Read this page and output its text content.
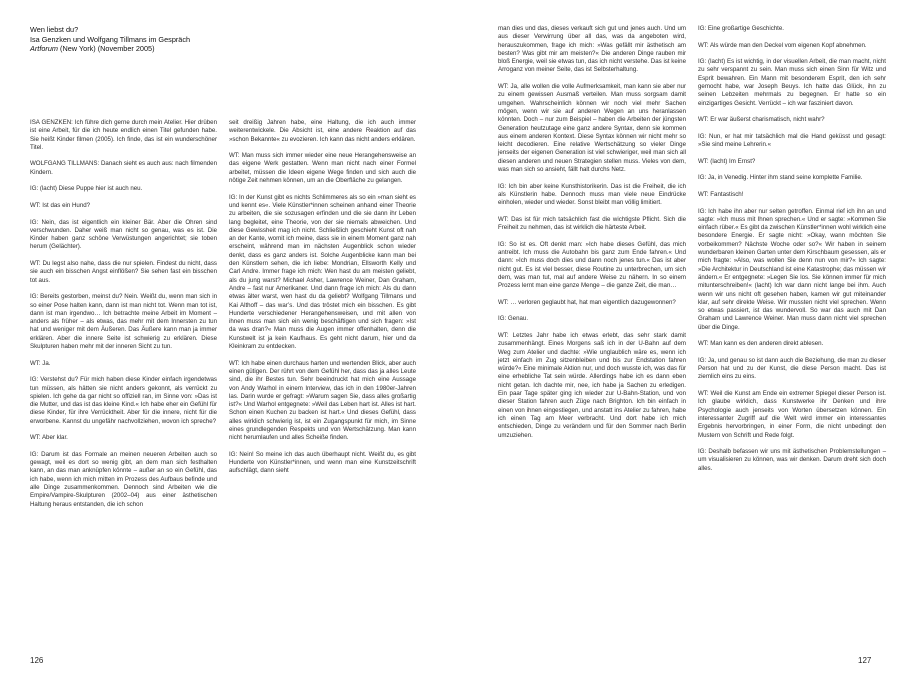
Wen liebst du?
Isa Genzken und Wolfgang Tillmans im Gespräch
Artforum (New York) (November 2005)

ISA GENZKEN: Ich führe dich gerne durch mein Atelier. Hier drüben ist eine Arbeit, für die ich heute endlich einen Titel gefunden habe. Sie heißt Kinder filmen (2005). Ich finde, das ist ein wunderschöner Titel.

WOLFGANG TILLMANS: Danach sieht es auch aus: nach filmenden Kindern.

IG: (lacht) Diese Puppe hier ist auch neu.

WT: Ist das ein Hund?

IG: Nein, das ist eigentlich ein kleiner Bär. Aber die Ohren sind verschwunden. Daher weiß man nicht so genau, was es ist. Die Kinder haben ganz schöne Verwüstungen angerichtet; sie toben herum (Gelächter).

WT: Du legst also nahe, dass die nur spielen. Findest du nicht, dass sie auch ein bisschen Angst einflößen? Sie sehen fast ein bisschen tot aus.

IG: Bereits gestorben, meinst du? Nein. Weißt du, wenn man sich in so einer Pose halten kann, dann ist man nicht tot. Wenn man tot ist, dann ist man irgendwo… Ich betrachte meine Arbeit im Moment – anders als früher – als etwas, das mehr mit dem Innersten zu tun hat und weniger mit dem Äußeren. Das Äußere kann man ja immer erklären. Aber die innere Seite ist schwierig zu erklären. Diese Skulpturen haben mehr mit der inneren Sicht zu tun.

WT: Ja.

IG: Verstehst du? Für mich haben diese Kinder einfach irgendetwas tun müssen, als hätten sie nicht anders gekonnt, als verrückt zu spielen. Ich gehe da gar nicht so offiziell ran, im Sinne von: »Das ist die Mutter, und das ist das kleine Kind.« Ich habe eher ein Gefühl für diese Kinder, für ihre Verrücktheit. Aber für die innere, nicht für die erworbene. Kannst du ungefähr nachvollziehen, wovon ich spreche?

WT: Aber klar.

IG: Darum ist das Formale an meinen neueren Arbeiten auch so gewagt, weil es dort so wenig gibt, an dem man sich festhalten kann, an das man anknüpfen könnte – außer an so ein Gefühl, das ich habe, wenn ich mich mitten im Prozess des Aufbaus befinde und alle Dinge zusammenkommen. Dennoch sind Arbeiten wie die Empire/Vampire-Skulpturen (2002–04) aus einer ästhetischen Haltung heraus entstanden, die ich schon

seit dreißig Jahren habe, eine Haltung, die ich auch immer weiterentwickele. Die Absicht ist, eine andere Reaktion auf das »schon Bekannte« zu evozieren. Ich kann das nicht anders erklären.

WT: Man muss sich immer wieder eine neue Herangehensweise an das eigene Werk gestatten. Wenn man nicht nach einer Formel arbeitet, müssen die Ideen eigene Wege finden und sich auch die nötige Zeit nehmen können, um an die Oberfläche zu gelangen.

IG: In der Kunst gibt es nichts Schlimmeres als so ein »man sieht es und kennt es«. Viele Künstler*innen scheinen anhand einer Theorie zu arbeiten, die sie sozusagen erfinden und die sie dann ihr Leben lang begleitet, eine Theorie, von der sie niemals abweichen. Und diese Gewissheit mag ich nicht. Schließlich geschieht Kunst oft nah an der Kante, womit ich meine, dass sie in einem Moment ganz nah erscheint, während man im nächsten Augenblick schon wieder denkt, dass es ganz anders ist. Solche Augenblicke kann man bei den Künstlern sehen, die ich liebe: Mondrian, Ellsworth Kelly und Carl Andre. Immer frage ich mich: Wen hast du am meisten geliebt, als du jung warst? Michael Asher, Lawrence Weiner, Dan Graham, Andre – fast nur Amerikaner. Und dann frage ich mich: Als du dann etwas älter warst, wen hast du da geliebt? Wolfgang Tillmans und Kai Althoff – das war’s. Und das tröstet mich ein bisschen. Es gibt Hunderte verschiedener Herangehensweisen, und mit allen von ihnen muss man sich ein wenig beschäftigen und sich fragen: »Ist da was dran?« Man muss die Augen immer offenhalten, denn die Kunstwelt ist ja kein Kaufhaus. Es geht nicht darum, hier und da Kleinkram zu entdecken.

WT: Ich habe einen durchaus harten und wertenden Blick, aber auch einen gütigen. Der rührt von dem Gefühl her, dass das ja alles Leute sind, die ihr Bestes tun. Sehr beeindruckt hat mich eine Aussage von Andy Warhol in einem Interview, das ich in den 1980er-Jahren las. Darin wurde er gefragt: »Warum sagen Sie, dass alles großartig ist?« Und Warhol entgegnete: »Weil das Leben hart ist. Alles ist hart. Schon einen Kuchen zu backen ist hart.« Und dieses Gefühl, dass alles wirklich schwierig ist, ist ein Zugangspunkt für mich, im Sinne eines grundlegenden Respekts und von Wertschätzung. Man kann nicht herumlaufen und alles Scheiße finden.

IG: Nein! So meine ich das auch überhaupt nicht. Weißt du, es gibt Hunderte von Künstler*innen, und wenn man eine Kunstzeitschrift aufschlägt, dann sieht

126

man dies und das, dieses verkauft sich gut und jenes auch. Und um aus dieser Verwirrung über all das, was da angeboten wird, herauszukommen, frage ich mich: »Was gefällt mir ästhetisch am besten? Was gibt mir am meisten?« Die anderen Dinge rauben mir bloß Energie, weil sie etwas tun, das ich nicht verstehe. Das ist keine Arroganz von meiner Seite, das ist Selbsterhaltung.

WT: Ja, alle wollen die volle Aufmerksamkeit, man kann sie aber nur zu einem gewissen Ausmaß verteilen. Man muss sorgsam damit umgehen. Wahrscheinlich können wir noch viel mehr Sachen mögen, wenn wir sie auf anderen Wegen an uns heranlassen könnten. Doch – nur zum Beispiel – haben die Arbeiten der jüngsten Generation heutzutage eine ganz andere Syntax, denn sie kommen aus einem anderen Kontext. Diese Syntax können wir nicht mehr so leicht decodieren. Eine relative Wertschätzung so vieler Dinge jenseits der eigenen Generation ist viel schwieriger, weil man sich all diesen anderen und neuen Strategien stellen muss. Vieles von dem, was man sich so ansieht, fällt halt durchs Netz.

IG: Ich bin aber keine Kunsthistorikerin. Das ist die Freiheit, die ich als Künstlerin habe. Dennoch muss man viele neue Eindrücke einholen, wieder und wieder. Sonst bleibt man völlig limitiert.

WT: Das ist für mich tatsächlich fast die wichtigste Pflicht. Sich die Freiheit zu nehmen, das ist wirklich die härteste Arbeit.

IG: So ist es. Oft denkt man: »Ich habe dieses Gefühl, das mich antreibt. Ich muss die Autobahn bis ganz zum Ende fahren.« Und dann: »Ich muss doch dies und dann noch jenes tun.« Das ist aber nicht gut. Es ist viel besser, diese Routine zu unterbrechen, um sich dem, was man tut, mal auf andere Weise zu nähern. In so einem Prozess lernt man eine ganze Menge – die ganze Zeit, die man…

WT: … verloren geglaubt hat, hat man eigentlich dazugewonnen?

IG: Genau.

WT: Letztes Jahr habe ich etwas erlebt, das sehr stark damit zusammenhängt. Eines Morgens saß ich in der U-Bahn auf dem Weg zum Atelier und dachte: »Wie unglaublich wäre es, wenn ich jetzt einfach im Zug sitzenbleiben und bis zur Endstation fahren würde?« Eine minimale Aktion nur, und doch wusste ich, was das für eine erhebliche Tat sein würde. Allerdings habe ich es dann eben nicht getan. Ich dachte mir, nee, ich habe ja Sachen zu erledigen. Ein paar Tage später ging ich wieder zur U-Bahn-Station, und von dieser Station fahren auch Züge nach Brighton. Ich bin einfach in einen von ihnen eingestiegen, und anstatt ins Atelier zu fahren, habe ich einen Tag am Meer verbracht. Und dort habe ich mich entschieden, Dinge zu verändern und für den Sommer nach Berlin umzuziehen.

IG: Eine großartige Geschichte.

WT: Als würde man den Deckel vom eigenen Kopf abnehmen.

IG: (lacht) Es ist wichtig, in der visuellen Arbeit, die man macht, nicht zu sehr verspannt zu sein. Man muss sich einen Sinn für Witz und Esprit bewahren. Ein Mann mit besonderem Esprit, den ich sehr gemocht habe, war Joseph Beuys. Ich hatte das Glück, ihn zu seinen Lebzeiten mehrmals zu begegnen. Er hatte so ein einzigartiges Gesicht. Verrückt – ich war fasziniert davon.

WT: Er war äußerst charismatisch, nicht wahr?

IG: Nun, er hat mir tatsächlich mal die Hand geküsst und gesagt: »Sie sind meine Lehrerin.«

WT: (lacht) Im Ernst?

IG: Ja, in Venedig. Hinter ihm stand seine komplette Familie.

WT: Fantastisch!

IG: Ich habe ihn aber nur selten getroffen. Einmal rief ich ihn an und sagte: »Ich muss mit Ihnen sprechen.« Und er sagte: »Kommen Sie einfach rüber.« Es gibt da zwischen Künstler*innen wohl wirklich eine besondere Energie. Er sagte nicht: »Okay, wann möchten Sie vorbeikommen? Nächste Woche oder so?« Wir haben in seinem wunderbaren kleinen Garten unter dem Kirschbaum gesessen, als er mich fragte: »Also, was wollen Sie denn nun von mir?« Ich sagte: »Die Architektur in Deutschland ist eine Katastrophe; das müssen wir ändern.« Er entgegnete: »Legen Sie los. Sie können immer für mich mitunterschreiben!« (lacht) Ich war dann nicht lange bei ihm. Auch wenn wir uns nicht oft gesehen haben, kamen wir gut miteinander klar, auf sehr direkte Weise. Wir mussten nicht viel sprechen. Wenn so etwas passiert, ist das wundervoll. So war das auch mit Dan Graham und Lawrence Weiner. Man muss dann nicht viel sprechen über die Dinge.

WT: Man kann es den anderen direkt ablesen.

IG: Ja, und genau so ist dann auch die Beziehung, die man zu dieser Person hat und zu der Kunst, die diese Person macht. Das ist ziemlich eins zu eins.

WT: Weil die Kunst am Ende ein extremer Spiegel dieser Person ist. Ich glaube wirklich, dass Kunstwerke ihr Denken und ihre Psychologie auch jenseits von Worten übersetzen können. Ein interessanter Zugriff auf die Welt wird immer ein interessantes Ergebnis hervorbringen, in einer Form, die nicht unbedingt den Mustern von Schrift und Rede folgt.

IG: Deshalb befassen wir uns mit ästhetischen Problemstellungen – um visualisieren zu können, was wir denken. Darum dreht sich doch alles.

127
